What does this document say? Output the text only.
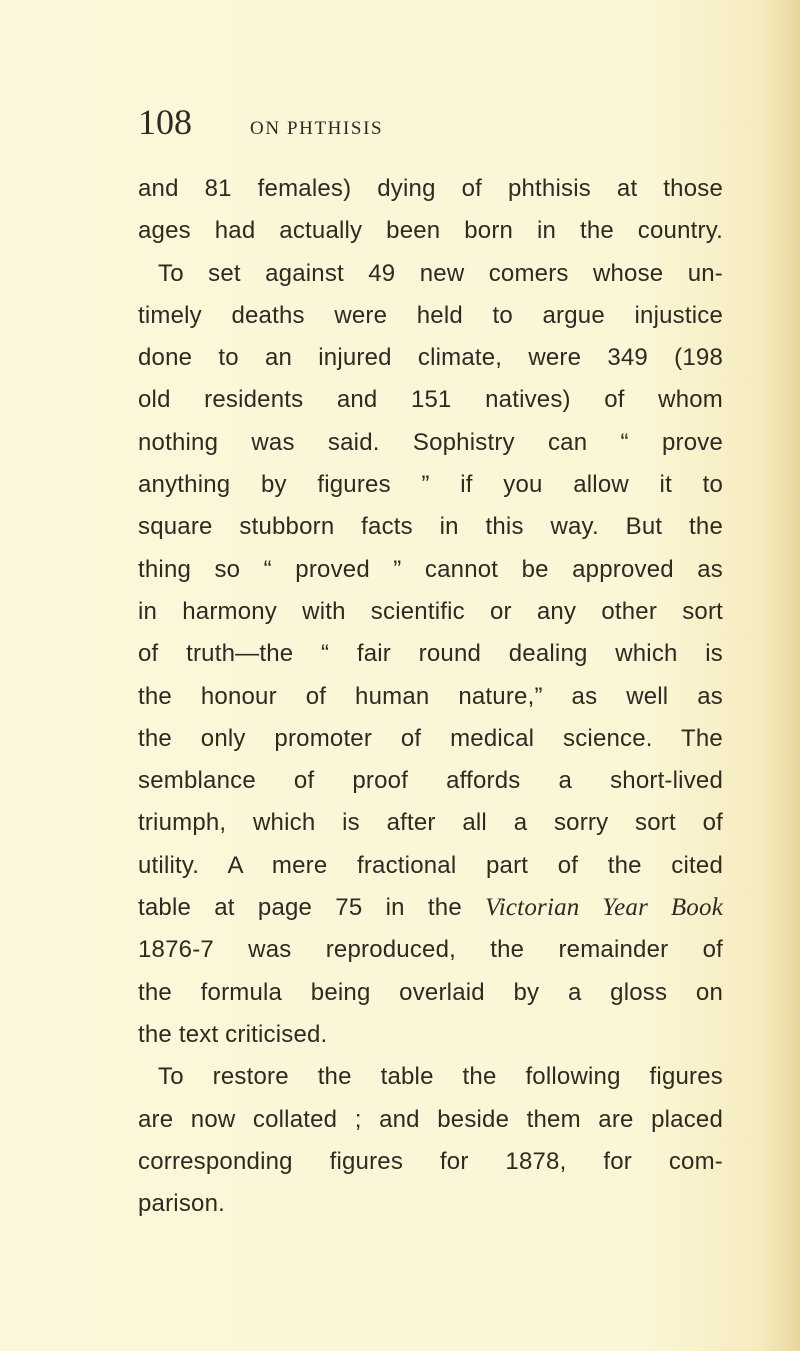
108	ON PHTHISIS
and 81 females) dying of phthisis at those
ages had actually been born in the country.
To set against 49 new comers whose un-
timely deaths were held to argue injustice
done to an injured climate, were 349 (198
old residents and 151 natives) of whom
nothing was said. Sophistry can “ prove
anything by figures ” if you allow it to
square stubborn facts in this way. But the
thing so “ proved ” cannot be approved as
in harmony with scientific or any other sort
of truth—the “ fair round dealing which is
the honour of human nature,” as well as
the only promoter of medical science. The
semblance of proof affords a short-lived
triumph, which is after all a sorry sort of
utility. A mere fractional part of the cited
table at page 75 in the Victorian Year Book
1876-7 was reproduced, the remainder of
the formula being overlaid by a gloss on
the text criticised.
To restore the table the following figures
are now collated ; and beside them are placed
corresponding figures for 1878, for com-
parison.
